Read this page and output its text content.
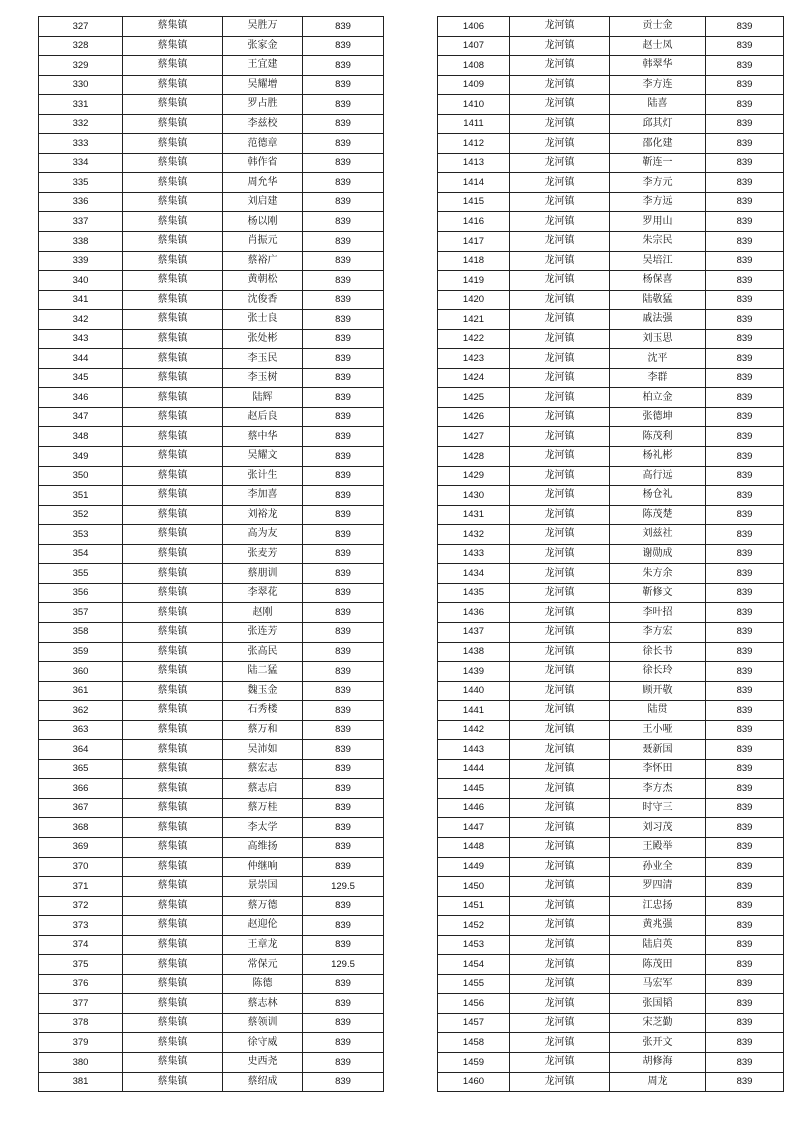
327	蔡集镇	吴胜万	839
328	蔡集镇	张家金	839
329	蔡集镇	王宜建	839
330	蔡集镇	吴耀增	839
331	蔡集镇	罗占胜	839
332	蔡集镇	李兹校	839
333	蔡集镇	范德章	839
334	蔡集镇	韩作省	839
335	蔡集镇	周允华	839
336	蔡集镇	刘启建	839
337	蔡集镇	杨以刚	839
338	蔡集镇	肖振元	839
339	蔡集镇	蔡裕广	839
340	蔡集镇	黄朝松	839
341	蔡集镇	沈俊香	839
342	蔡集镇	张士良	839
343	蔡集镇	张处彬	839
344	蔡集镇	李玉民	839
345	蔡集镇	李玉树	839
346	蔡集镇	陆辉	839
347	蔡集镇	赵后良	839
348	蔡集镇	蔡中华	839
349	蔡集镇	吴耀文	839
350	蔡集镇	张计生	839
351	蔡集镇	李加喜	839
352	蔡集镇	刘裕龙	839
353	蔡集镇	高为友	839
354	蔡集镇	张麦芳	839
355	蔡集镇	蔡朋训	839
356	蔡集镇	李翠花	839
357	蔡集镇	赵刚	839
358	蔡集镇	张连芳	839
359	蔡集镇	张高民	839
360	蔡集镇	陆二猛	839
361	蔡集镇	魏玉金	839
362	蔡集镇	石秀楼	839
363	蔡集镇	蔡万和	839
364	蔡集镇	吴沛如	839
365	蔡集镇	蔡宏志	839
366	蔡集镇	蔡志启	839
367	蔡集镇	蔡万桂	839
368	蔡集镇	李太学	839
369	蔡集镇	高维扬	839
370	蔡集镇	仲继响	839
371	蔡集镇	景崇国	129.5
372	蔡集镇	蔡万德	839
373	蔡集镇	赵迎伦	839
374	蔡集镇	王章龙	839
375	蔡集镇	常保元	129.5
376	蔡集镇	陈德	839
377	蔡集镇	蔡志林	839
378	蔡集镇	蔡领训	839
379	蔡集镇	徐守威	839
380	蔡集镇	史西尧	839
381	蔡集镇	蔡绍成	839
1406	龙河镇	贡士金	839
1407	龙河镇	赵士凤	839
1408	龙河镇	韩翠华	839
1409	龙河镇	李方连	839
1410	龙河镇	陆喜	839
1411	龙河镇	邱其灯	839
1412	龙河镇	邵化建	839
1413	龙河镇	靳连一	839
1414	龙河镇	李方元	839
1415	龙河镇	李方远	839
1416	龙河镇	罗用山	839
1417	龙河镇	朱宗民	839
1418	龙河镇	吴培江	839
1419	龙河镇	杨保喜	839
1420	龙河镇	陆敬猛	839
1421	龙河镇	戚法强	839
1422	龙河镇	刘玉思	839
1423	龙河镇	沈平	839
1424	龙河镇	李群	839
1425	龙河镇	柏立金	839
1426	龙河镇	张德坤	839
1427	龙河镇	陈茂利	839
1428	龙河镇	杨礼彬	839
1429	龙河镇	高行远	839
1430	龙河镇	杨仓礼	839
1431	龙河镇	陈茂楚	839
1432	龙河镇	刘兹社	839
1433	龙河镇	谢勋成	839
1434	龙河镇	朱方余	839
1435	龙河镇	靳修文	839
1436	龙河镇	李叶招	839
1437	龙河镇	李方宏	839
1438	龙河镇	徐长书	839
1439	龙河镇	徐长玲	839
1440	龙河镇	顾开敬	839
1441	龙河镇	陆贯	839
1442	龙河镇	王小哑	839
1443	龙河镇	聂新国	839
1444	龙河镇	李怀田	839
1445	龙河镇	李方杰	839
1446	龙河镇	时守三	839
1447	龙河镇	刘习茂	839
1448	龙河镇	王殿举	839
1449	龙河镇	孙业全	839
1450	龙河镇	罗四清	839
1451	龙河镇	江忠扬	839
1452	龙河镇	黄兆强	839
1453	龙河镇	陆启英	839
1454	龙河镇	陈茂田	839
1455	龙河镇	马宏军	839
1456	龙河镇	张国韬	839
1457	龙河镇	宋芝勤	839
1458	龙河镇	张开文	839
1459	龙河镇	胡修海	839
1460	龙河镇	周龙	839
